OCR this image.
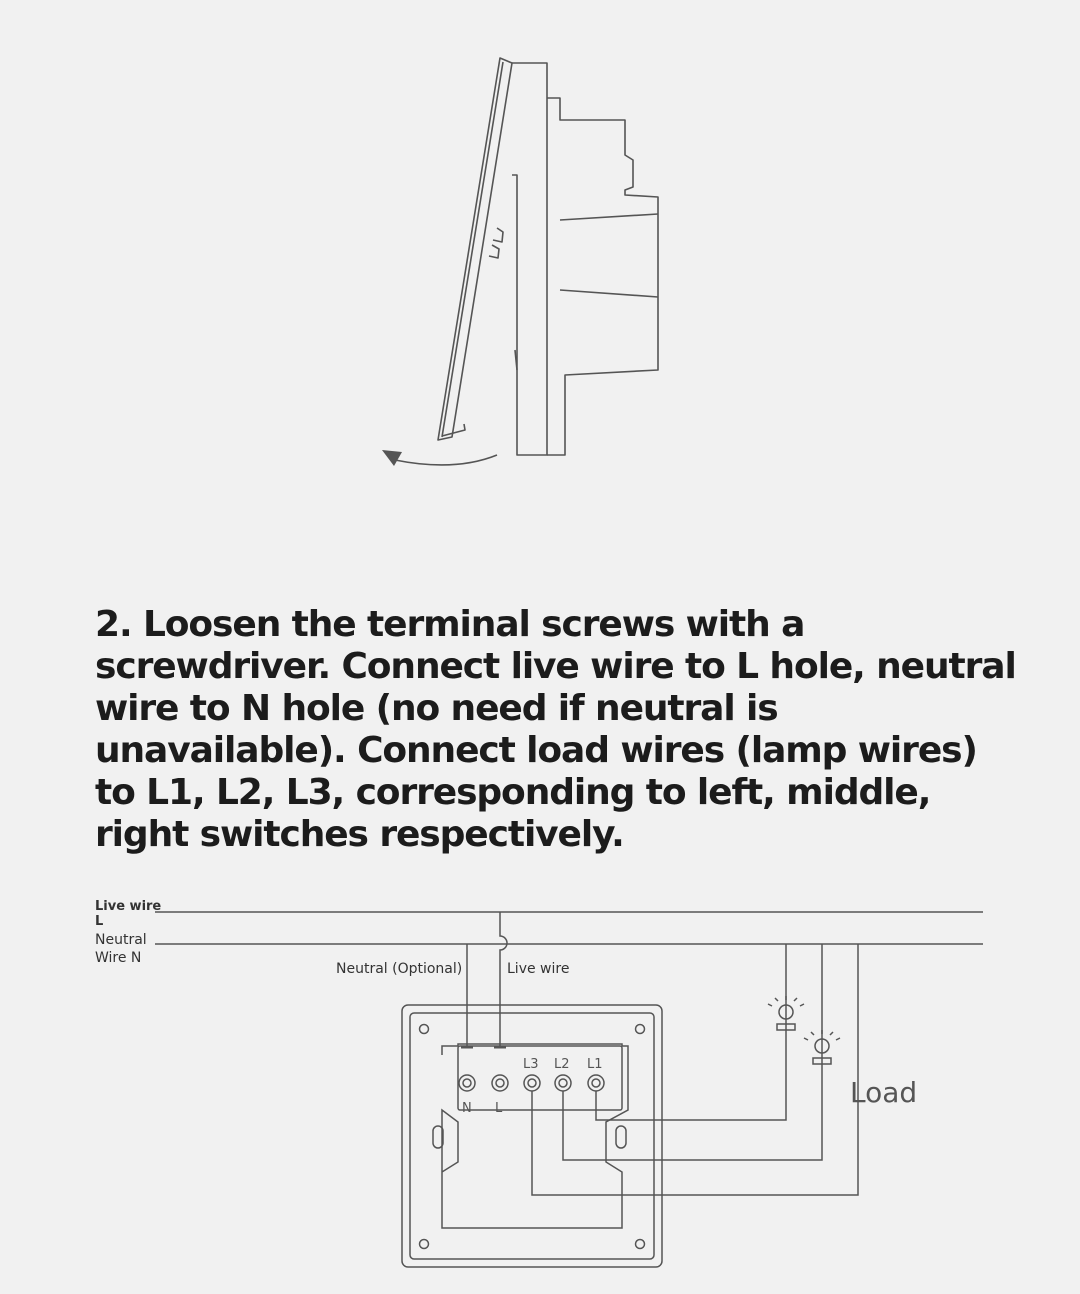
2. Loosen the terminal screws with a screwdriver. Connect live wire to L hole, neutral wire to N hole (no need if neutral is unavailable). Connect load wires (lamp wires) to L1, L2, L3, corresponding to left, middle, right switches respectively.

Live wire
L
Neutral
Wire N
Neutral (Optional)	Live wire
L3 L2 L1
N L	Load
